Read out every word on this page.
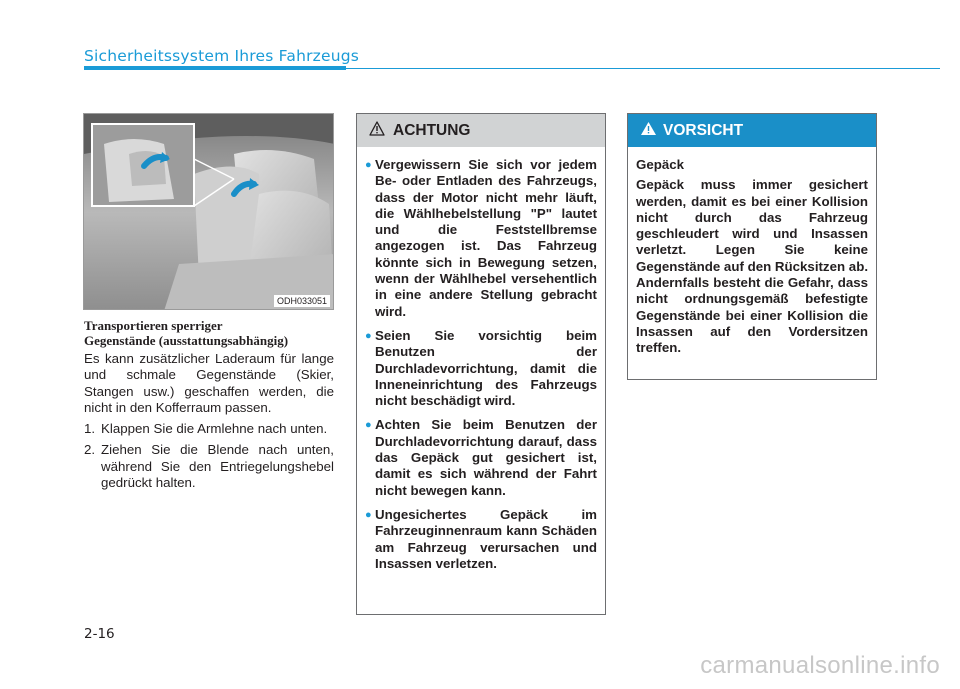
Sicherheitssystem Ihres Fahrzeugs
ODH033051
Transportieren sperriger
Gegenstände (ausstattungsabhängig)

Es kann zusätzlicher Laderaum für lange und schmale Gegenstände (Skier, Stangen usw.) geschaffen werden, die nicht in den Kofferraum passen.

1. Klappen Sie die Armlehne nach unten.
2. Ziehen Sie die Blende nach unten, während Sie den Entriegelungshebel gedrückt halten.
ACHTUNG
● Vergewissern Sie sich vor jedem Be- oder Entladen des Fahrzeugs, dass der Motor nicht mehr läuft, die Wählhebelstellung "P" lautet und die Feststellbremse angezogen ist. Das Fahrzeug könnte sich in Bewegung setzen, wenn der Wählhebel versehentlich in eine andere Stellung gebracht wird.
● Seien Sie vorsichtig beim Benutzen der Durchladevorrichtung, damit die Inneneinrichtung des Fahrzeugs nicht beschädigt wird.
● Achten Sie beim Benutzen der Durchladevorrichtung darauf, dass das Gepäck gut gesichert ist, damit es sich während der Fahrt nicht bewegen kann.
● Ungesichertes Gepäck im Fahrzeuginnenraum kann Schäden am Fahrzeug verursachen und Insassen verletzen.
VORSICHT

Gepäck

Gepäck muss immer gesichert werden, damit es bei einer Kollision nicht durch das Fahrzeug geschleudert wird und Insassen verletzt. Legen Sie keine Gegenstände auf den Rücksitzen ab. Andernfalls besteht die Gefahr, dass nicht ordnungsgemäß befestigte Gegenstände bei einer Kollision die Insassen auf den Vordersitzen treffen.

2-16
carmanualsonline.info
